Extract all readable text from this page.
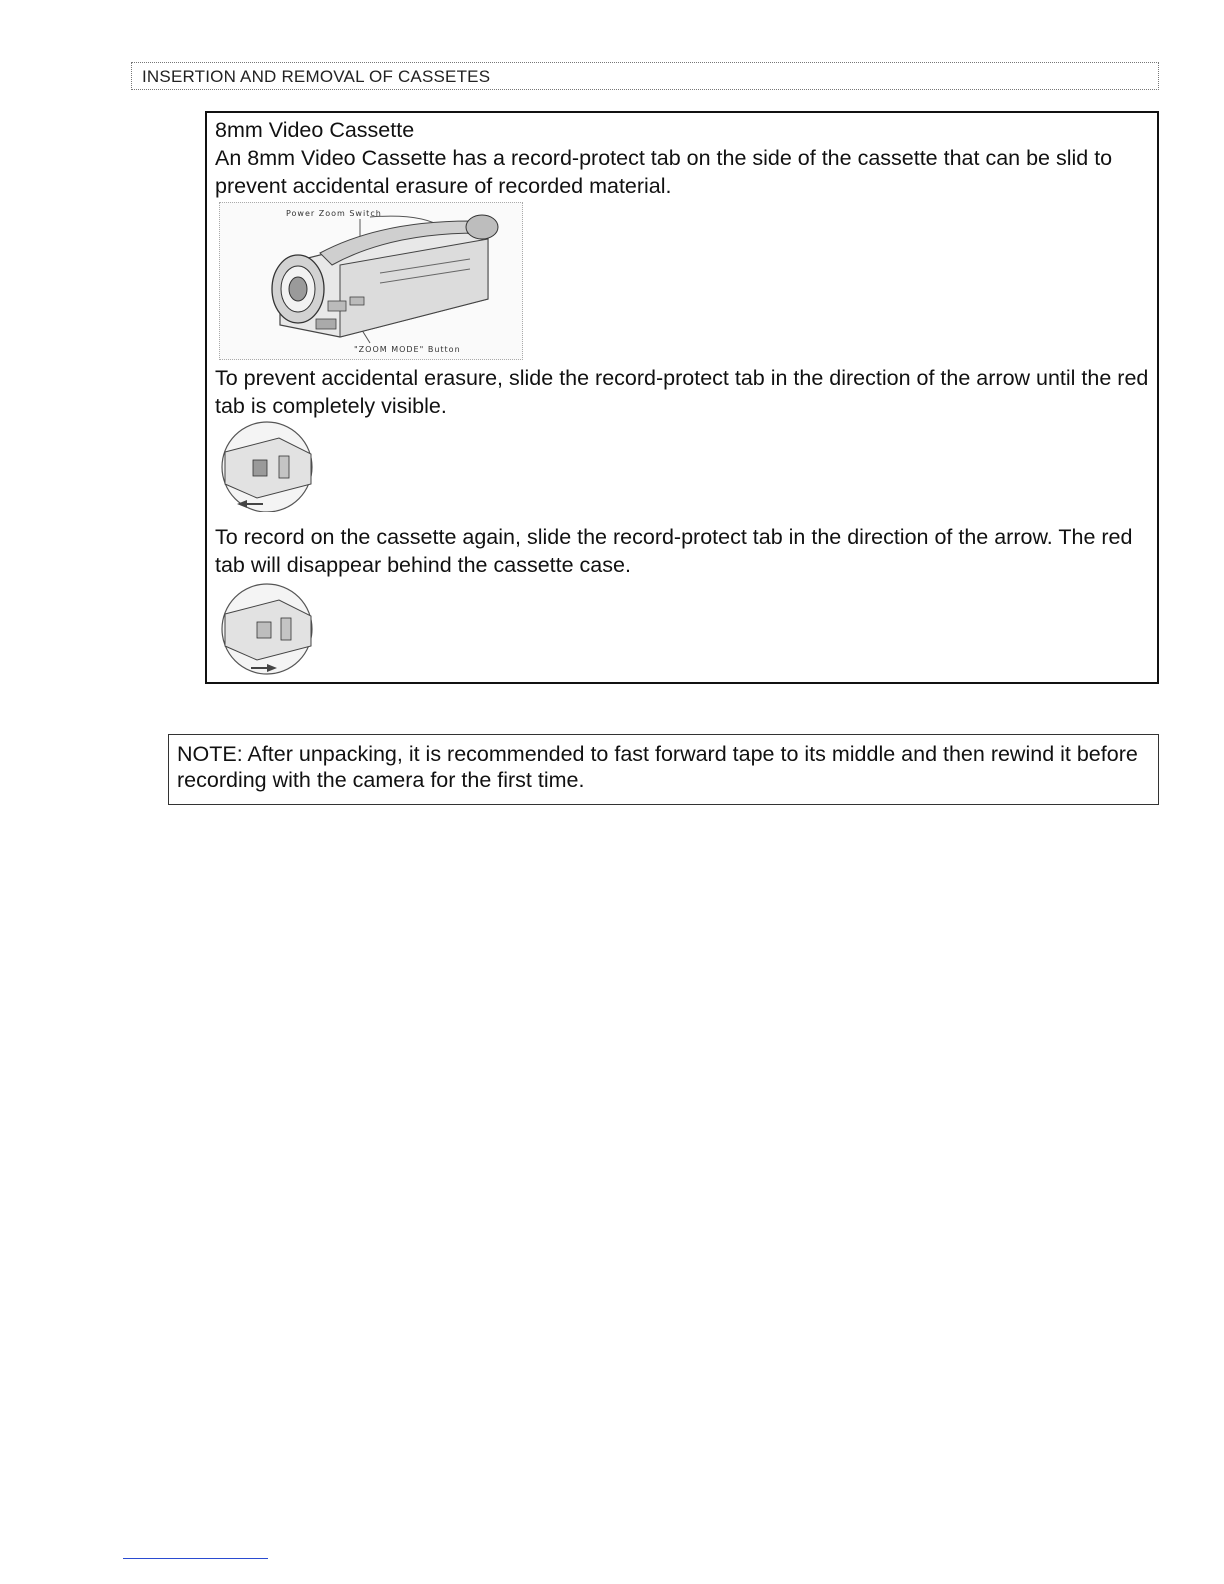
INSERTION AND REMOVAL OF CASSETES
8mm Video Cassette
An 8mm Video Cassette has a record-protect tab on the side of the cassette that can be slid to prevent accidental erasure of recorded material.
Power Zoom Switch
"ZOOM MODE" Button
To prevent accidental erasure, slide the record-protect tab in the direction of the arrow until the red tab is completely visible.
To record on the cassette again, slide the record-protect tab in the direction of the arrow. The red tab will disappear behind the cassette case.
NOTE: After unpacking, it is recommended to fast forward tape to its middle and then rewind it before recording with the camera for the first time.
